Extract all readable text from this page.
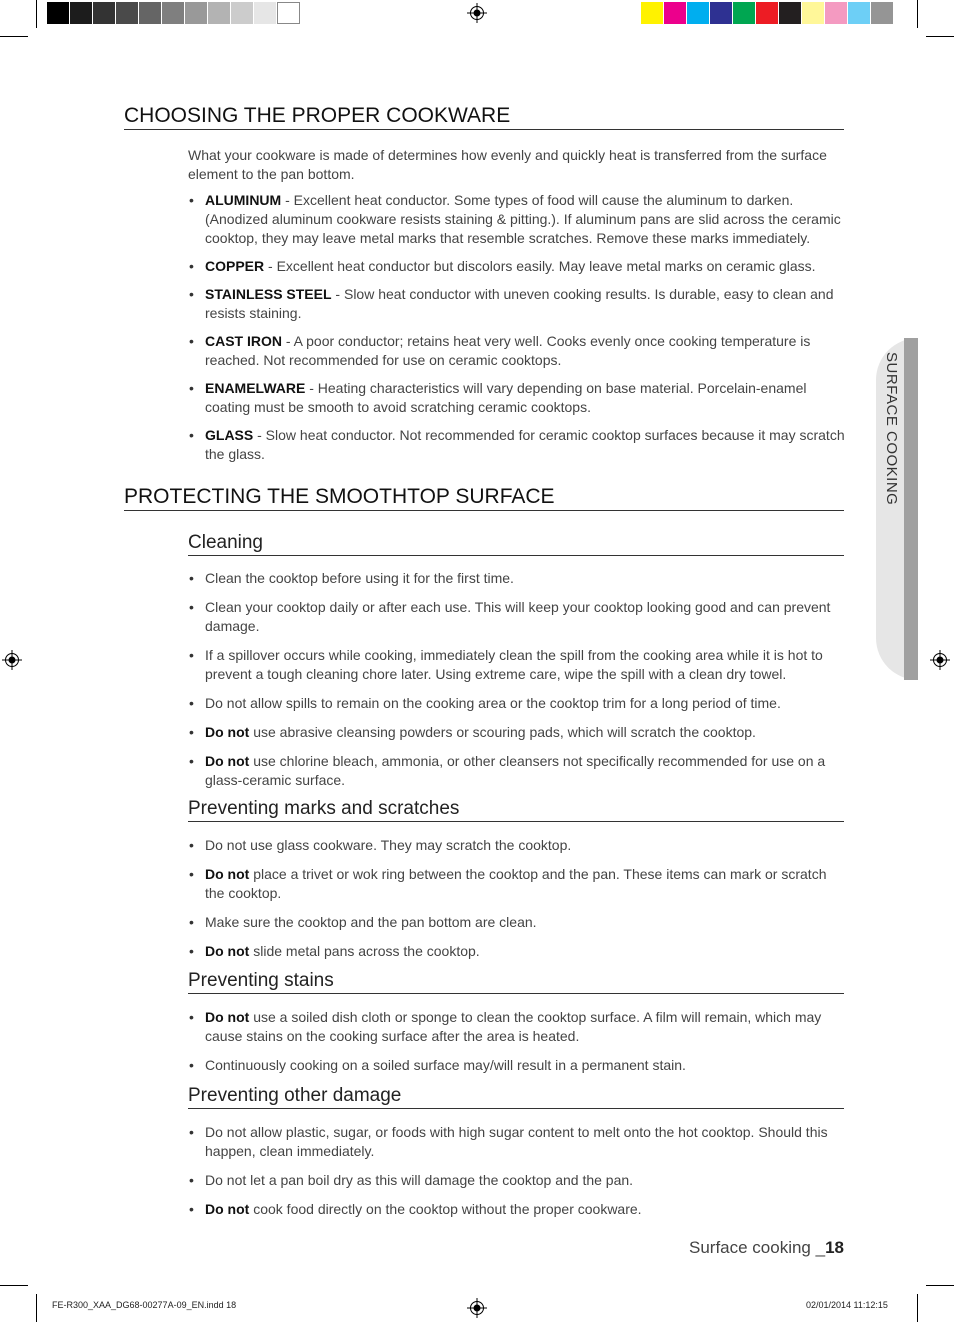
SURFACE COOKING
CHOOSING THE PROPER COOKWARE
What your cookware is made of determines how evenly and quickly heat is transferred from the surface element to the pan bottom.
• ALUMINUM - Excellent heat conductor. Some types of food will cause the aluminum to darken. (Anodized aluminum cookware resists staining & pitting.). If aluminum pans are slid across the ceramic cooktop, they may leave metal marks that resemble scratches. Remove these marks immediately.
• COPPER - Excellent heat conductor but discolors easily. May leave metal marks on ceramic glass.
• STAINLESS STEEL - Slow heat conductor with uneven cooking results. Is durable, easy to clean and resists staining.
• CAST IRON - A poor conductor; retains heat very well. Cooks evenly once cooking temperature is reached. Not recommended for use on ceramic cooktops.
• ENAMELWARE - Heating characteristics will vary depending on base material. Porcelain-enamel coating must be smooth to avoid scratching ceramic cooktops.
• GLASS - Slow heat conductor. Not recommended for ceramic cooktop surfaces because it may scratch the glass.
PROTECTING THE SMOOTHTOP SURFACE
Cleaning
• Clean the cooktop before using it for the first time.
• Clean your cooktop daily or after each use. This will keep your cooktop looking good and can prevent damage.
• If a spillover occurs while cooking, immediately clean the spill from the cooking area while it is hot to prevent a tough cleaning chore later. Using extreme care, wipe the spill with a clean dry towel.
• Do not allow spills to remain on the cooking area or the cooktop trim for a long period of time.
• Do not use abrasive cleansing powders or scouring pads, which will scratch the cooktop.
• Do not use chlorine bleach, ammonia, or other cleansers not specifically recommended for use on a glass-ceramic surface.
Preventing marks and scratches
• Do not use glass cookware. They may scratch the cooktop.
• Do not place a trivet or wok ring between the cooktop and the pan. These items can mark or scratch the cooktop.
• Make sure the cooktop and the pan bottom are clean.
• Do not slide metal pans across the cooktop.
Preventing stains
• Do not use a soiled dish cloth or sponge to clean the cooktop surface. A film will remain, which may cause stains on the cooking surface after the area is heated.
• Continuously cooking on a soiled surface may/will result in a permanent stain.
Preventing other damage
• Do not allow plastic, sugar, or foods with high sugar content to melt onto the hot cooktop. Should this happen, clean immediately.
• Do not let a pan boil dry as this will damage the cooktop and the pan.
• Do not cook food directly on the cooktop without the proper cookware.
Surface cooking _18
FE-R300_XAA_DG68-00277A-09_EN.indd 18	02/01/2014 11:12:15
